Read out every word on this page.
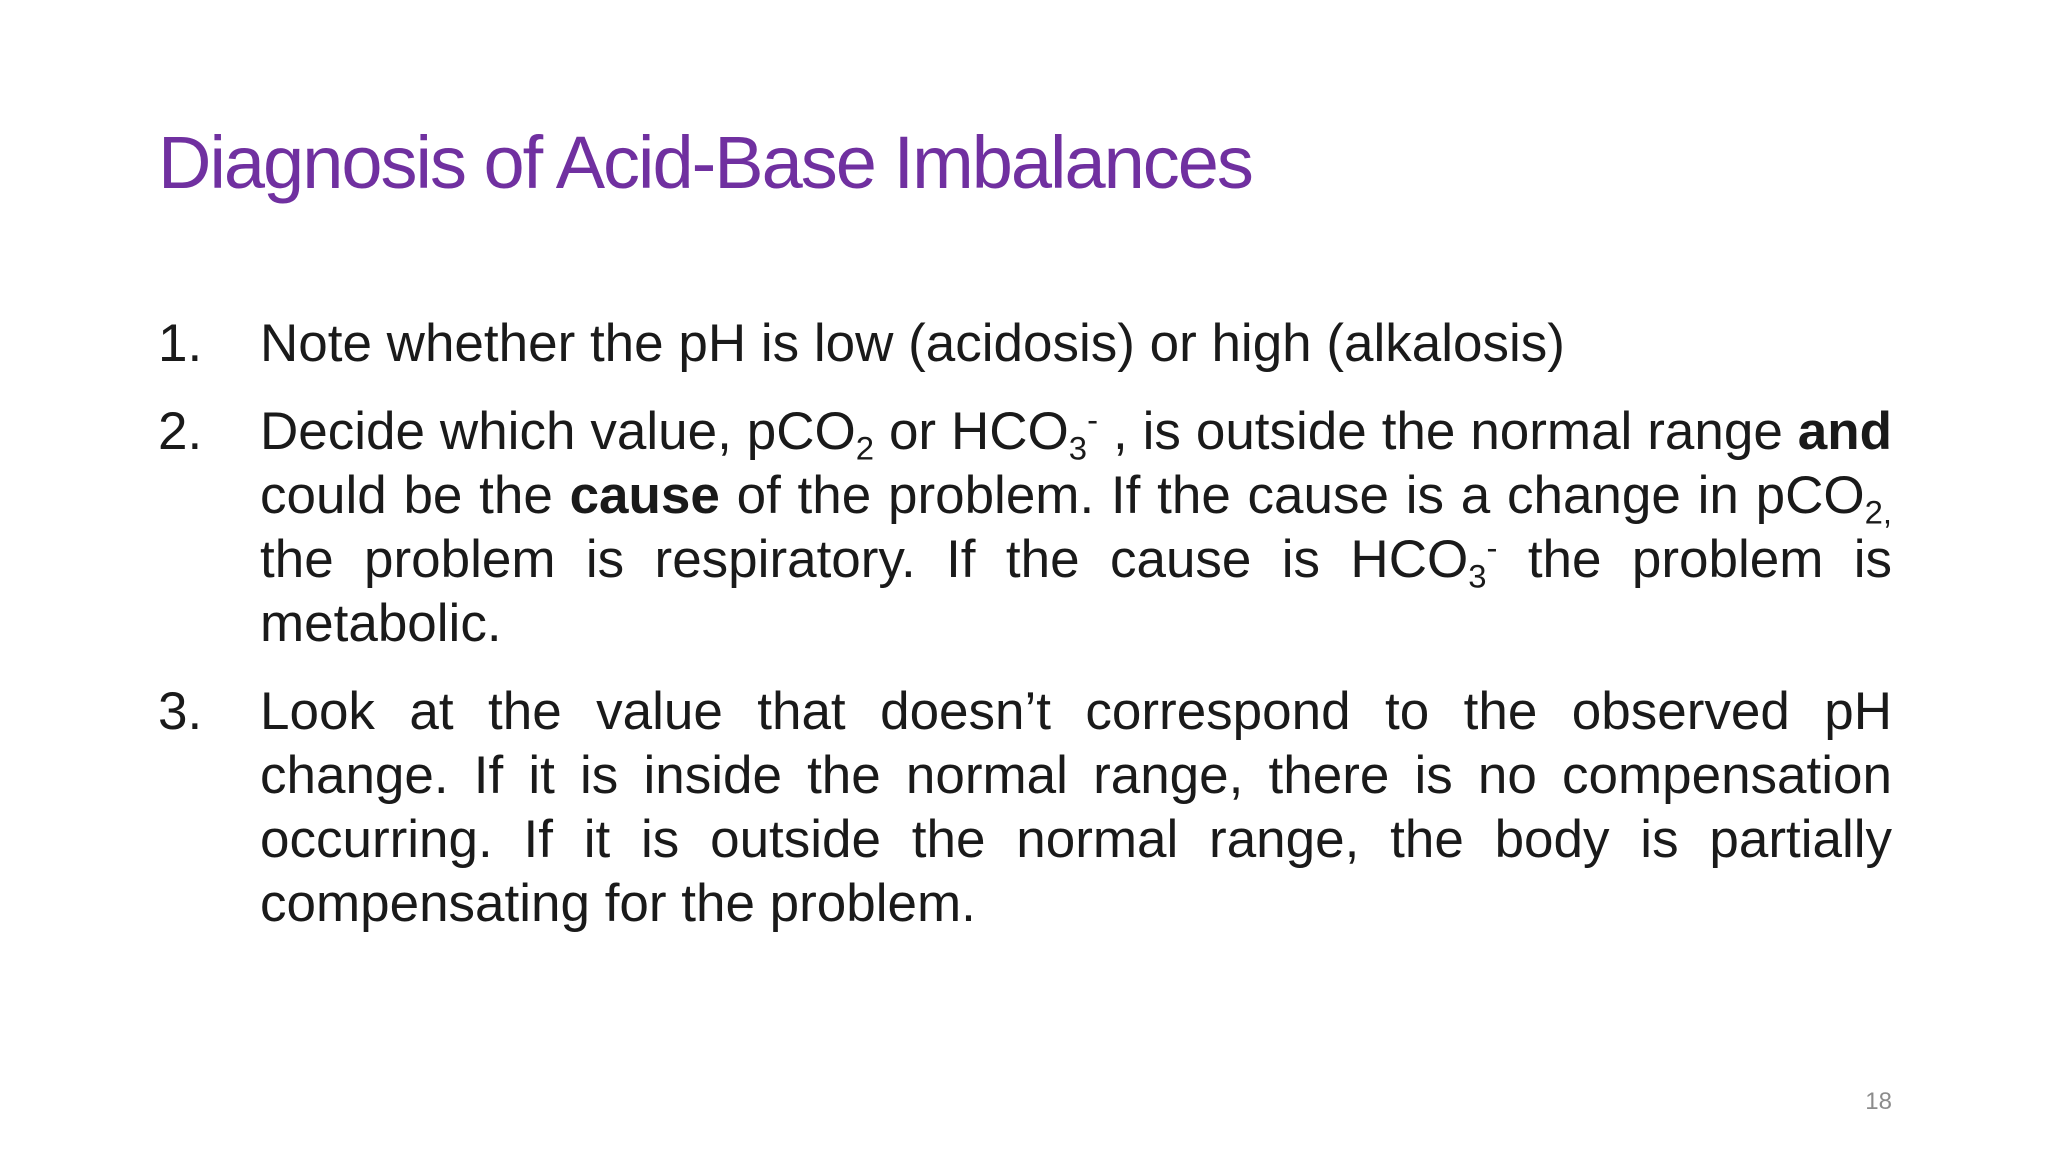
Diagnosis of Acid-Base Imbalances
1. Note whether the pH is low (acidosis) or high (alkalosis)
2. Decide which value, pCO$_2$ or $HCO_3^-$ , is outside the normal range and could be the cause of the problem. If the cause is a change in pCO$_{2,}$ the problem is respiratory. If the cause is $HCO_3^-$ the problem is metabolic.
3. Look at the value that doesn’t correspond to the observed pH change. If it is inside the normal range, there is no compensation occurring. If it is outside the normal range, the body is partially compensating for the problem.
18
